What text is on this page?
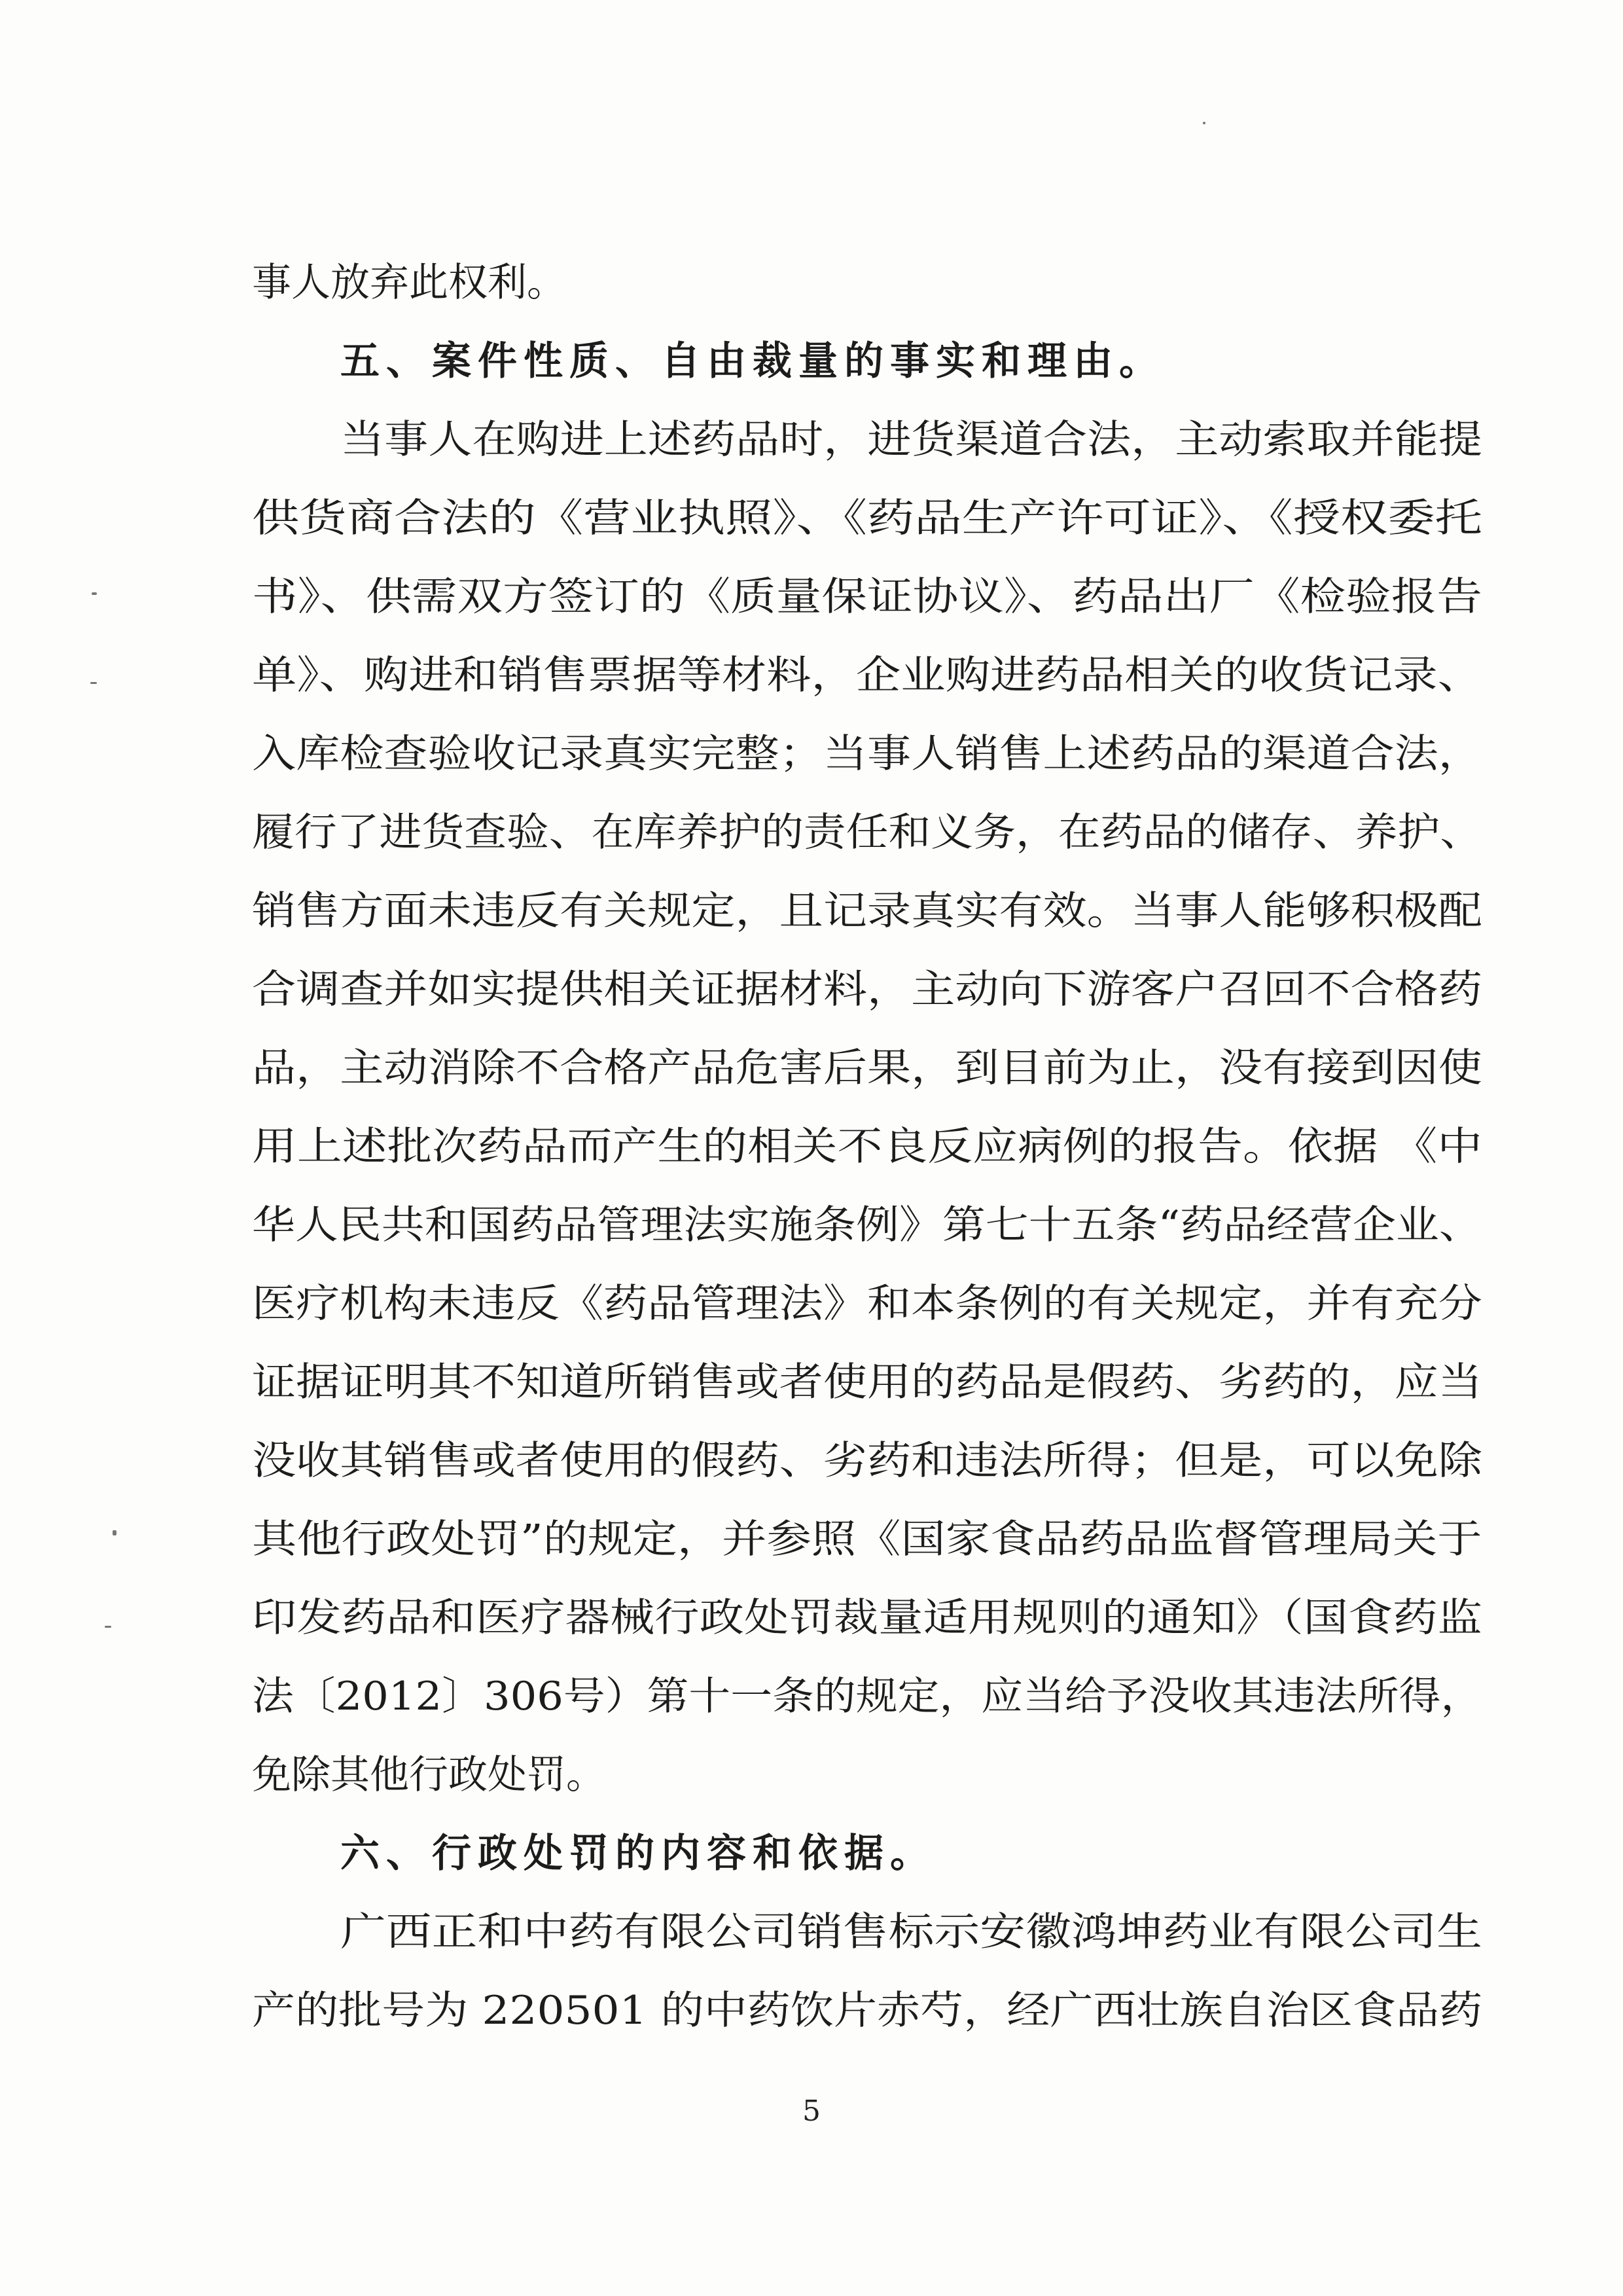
事人放弃此权利。
五、案件性质、自由裁量的事实和理由。
当事人在购进上述药品时，进货渠道合法，主动索取并能提
供货商合法的《营业执照》、《药品生产许可证》、《授权委托
书》、供需双方签订的《质量保证协议》、药品出厂《检验报告
单》、购进和销售票据等材料，企业购进药品相关的收货记录、
入库检查验收记录真实完整；当事人销售上述药品的渠道合法，
履行了进货查验、在库养护的责任和义务，在药品的储存、养护、
销售方面未违反有关规定，且记录真实有效。当事人能够积极配
合调查并如实提供相关证据材料，主动向下游客户召回不合格药
品，主动消除不合格产品危害后果，到目前为止，没有接到因使
用上述批次药品而产生的相关不良反应病例的报告。依据 《中
华人民共和国药品管理法实施条例》第七十五条“药品经营企业、
医疗机构未违反《药品管理法》和本条例的有关规定，并有充分
证据证明其不知道所销售或者使用的药品是假药、劣药的，应当
没收其销售或者使用的假药、劣药和违法所得；但是，可以免除
其他行政处罚”的规定，并参照《国家食品药品监督管理局关于
印发药品和医疗器械行政处罚裁量适用规则的通知》（国食药监
法〔2012〕306号）第十一条的规定，应当给予没收其违法所得，
免除其他行政处罚。
六、行政处罚的内容和依据。
广西正和中药有限公司销售标示安徽鸿坤药业有限公司生
产的批号为 220501 的中药饮片赤芍，经广西壮族自治区食品药
5
